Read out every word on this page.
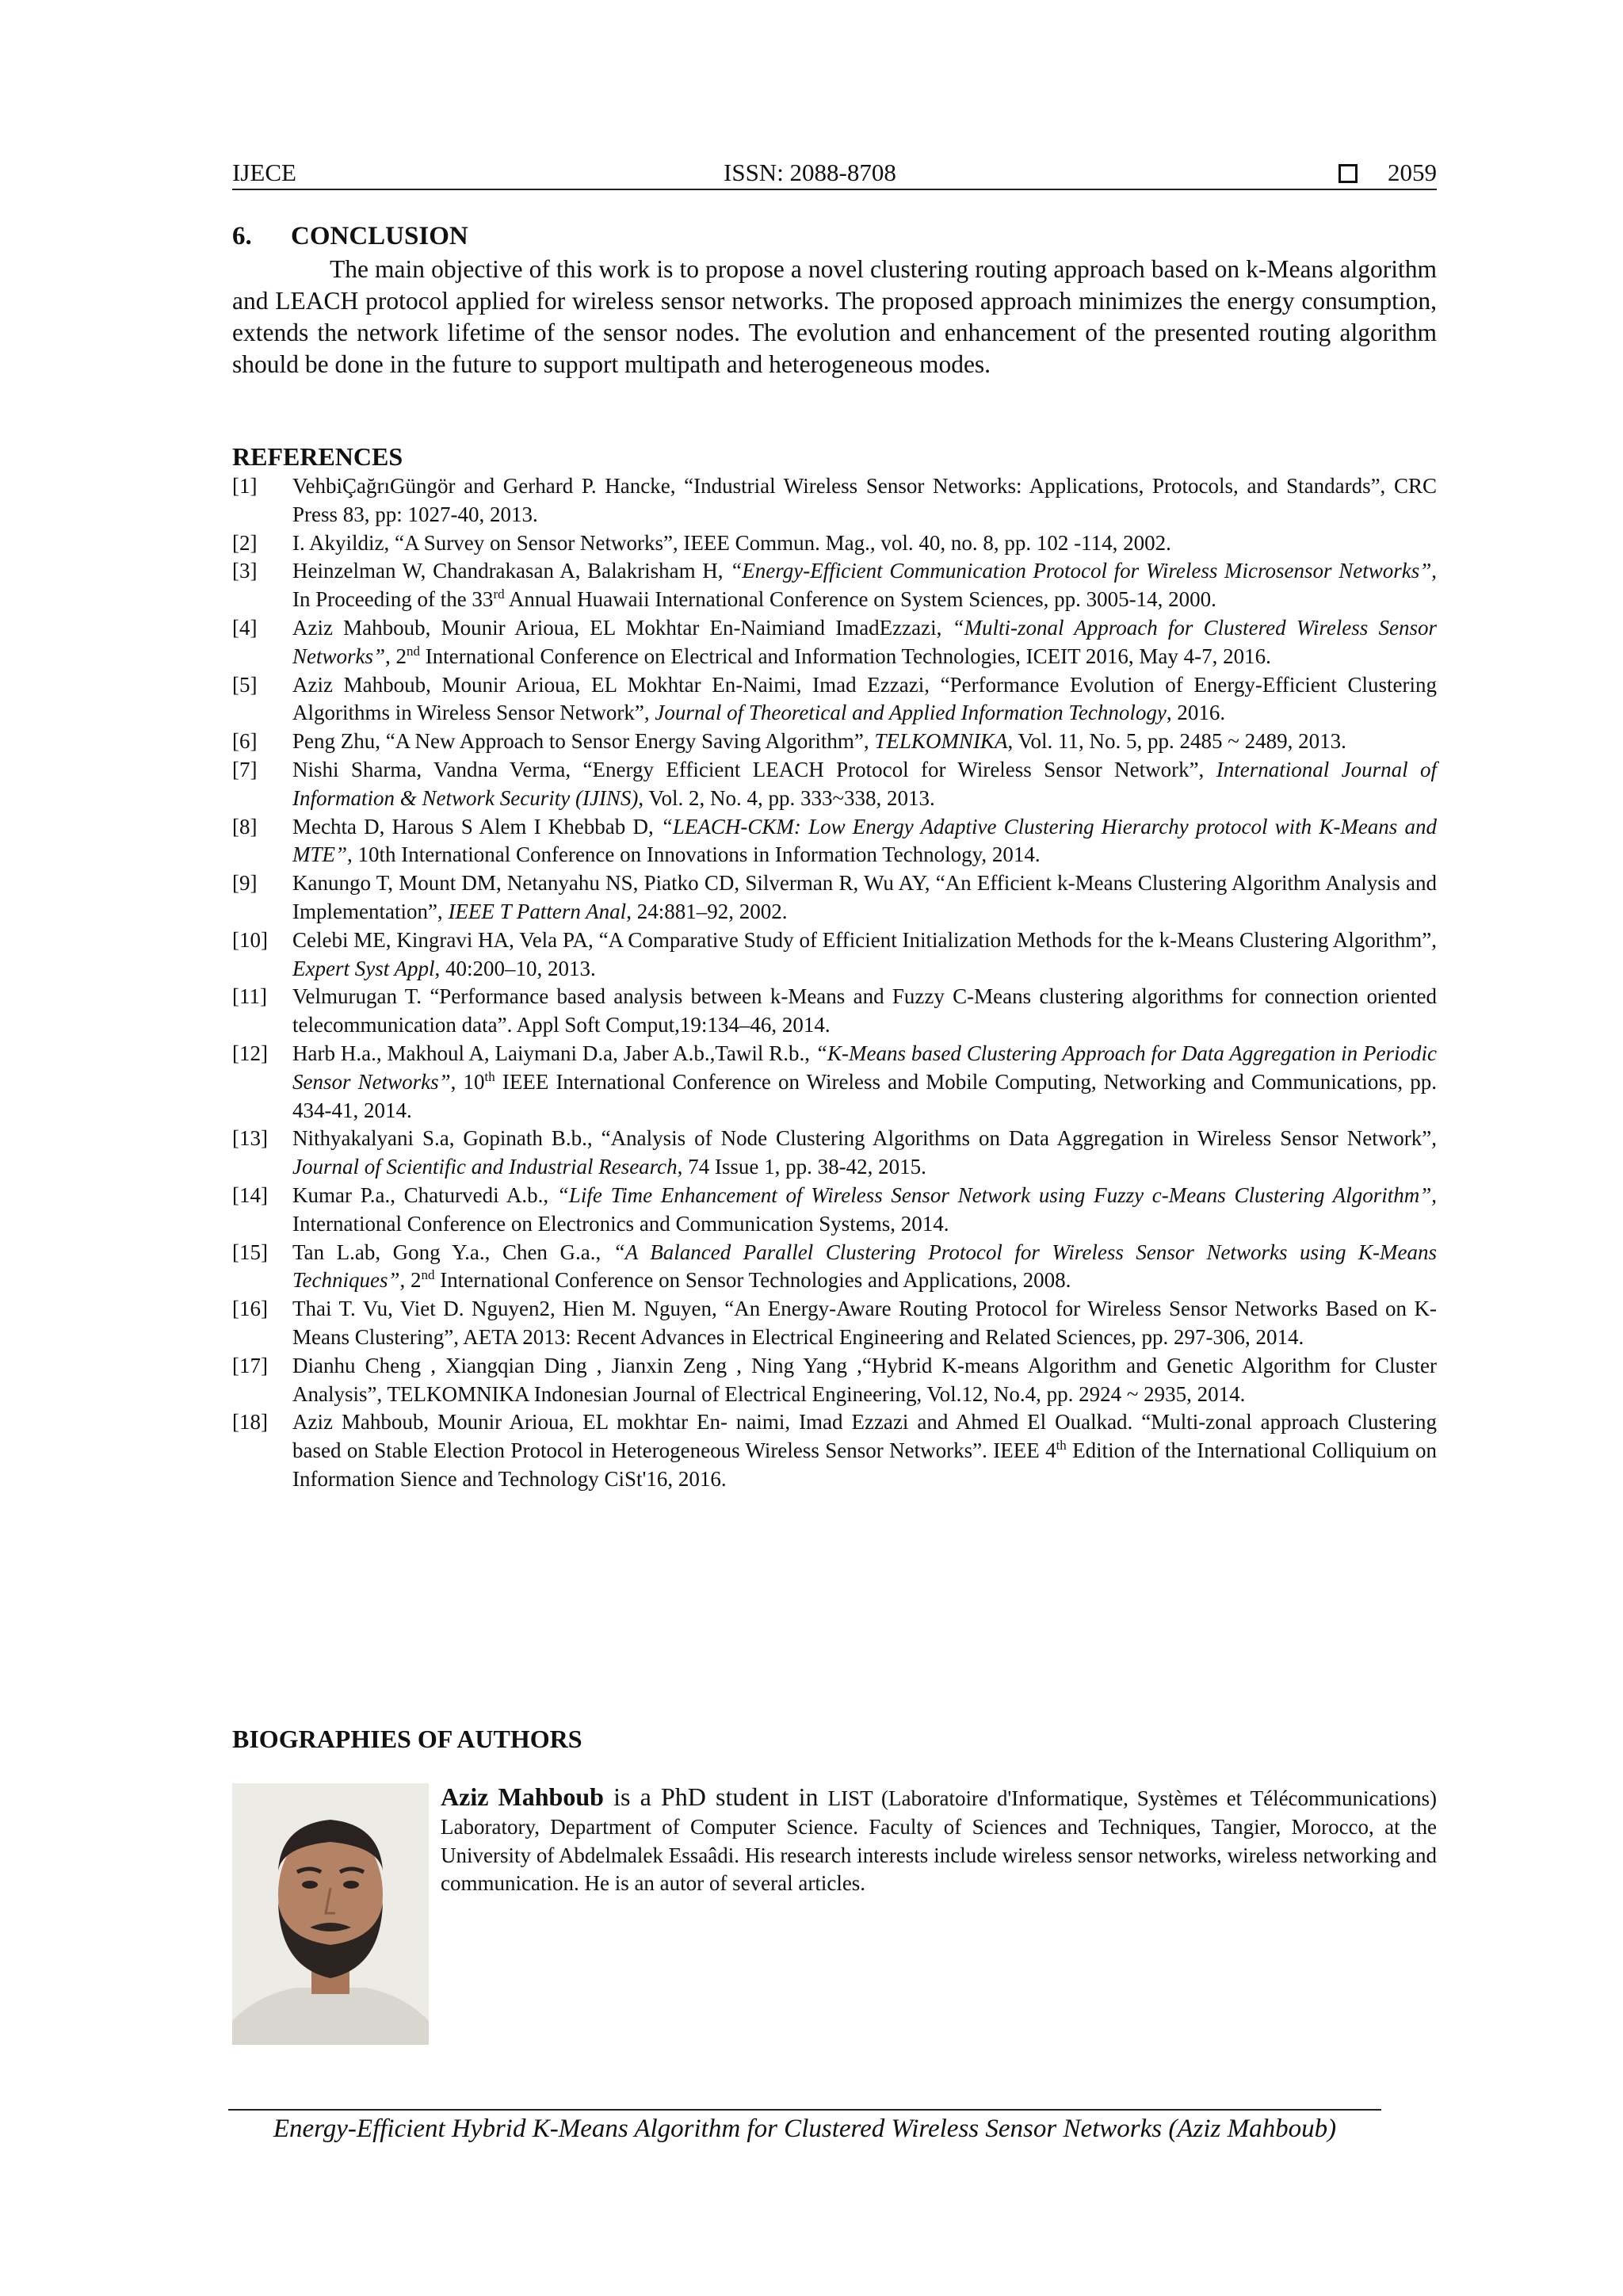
IJECE	ISSN: 2088-8708	2059
6. CONCLUSION

The main objective of this work is to propose a novel clustering routing approach based on k-Means algorithm and LEACH protocol applied for wireless sensor networks. The proposed approach minimizes the energy consumption, extends the network lifetime of the sensor nodes. The evolution and enhancement of the presented routing algorithm should be done in the future to support multipath and heterogeneous modes.

REFERENCES
[1]	VehbiÇağrıGüngör and Gerhard P. Hancke, “Industrial Wireless Sensor Networks: Applications, Protocols, and Standards”, CRC Press 83, pp: 1027-40, 2013.
[2]	I. Akyildiz, “A Survey on Sensor Networks”, IEEE Commun. Mag., vol. 40, no. 8, pp. 102 -114, 2002.
[3]	Heinzelman W, Chandrakasan A, Balakrisham H, “Energy-Efficient Communication Protocol for Wireless Microsensor Networks”, In Proceeding of the 33rd Annual Huawaii International Conference on System Sciences, pp. 3005-14, 2000.
[4]	Aziz Mahboub, Mounir Arioua, EL Mokhtar En-Naimiand ImadEzzazi, “Multi-zonal Approach for Clustered Wireless Sensor Networks”, 2nd International Conference on Electrical and Information Technologies, ICEIT 2016, May 4-7, 2016.
[5]	Aziz Mahboub, Mounir Arioua, EL Mokhtar En-Naimi, Imad Ezzazi, “Performance Evolution of Energy-Efficient Clustering Algorithms in Wireless Sensor Network”, Journal of Theoretical and Applied Information Technology, 2016.
[6]	Peng Zhu, “A New Approach to Sensor Energy Saving Algorithm”, TELKOMNIKA, Vol. 11, No. 5, pp. 2485 ~ 2489, 2013.
[7]	Nishi Sharma, Vandna Verma, “Energy Efficient LEACH Protocol for Wireless Sensor Network”, International Journal of Information & Network Security (IJINS), Vol. 2, No. 4, pp. 333~338, 2013.
[8]	Mechta D, Harous S Alem I Khebbab D, “LEACH-CKM: Low Energy Adaptive Clustering Hierarchy protocol with K-Means and MTE”, 10th International Conference on Innovations in Information Technology, 2014.
[9]	Kanungo T, Mount DM, Netanyahu NS, Piatko CD, Silverman R, Wu AY, “An Efficient k-Means Clustering Algorithm Analysis and Implementation”, IEEE T Pattern Anal, 24:881–92, 2002.
[10]	Celebi ME, Kingravi HA, Vela PA, “A Comparative Study of Efficient Initialization Methods for the k-Means Clustering Algorithm”, Expert Syst Appl, 40:200–10, 2013.
[11]	Velmurugan T. “Performance based analysis between k-Means and Fuzzy C-Means clustering algorithms for connection oriented telecommunication data”. Appl Soft Comput,19:134–46, 2014.
[12]	Harb H.a., Makhoul A, Laiymani D.a, Jaber A.b.,Tawil R.b., “K-Means based Clustering Approach for Data Aggregation in Periodic Sensor Networks”, 10th IEEE International Conference on Wireless and Mobile Computing, Networking and Communications, pp. 434-41, 2014.
[13]	Nithyakalyani S.a, Gopinath B.b., “Analysis of Node Clustering Algorithms on Data Aggregation in Wireless Sensor Network”, Journal of Scientific and Industrial Research, 74 Issue 1, pp. 38-42, 2015.
[14]	Kumar P.a., Chaturvedi A.b., “Life Time Enhancement of Wireless Sensor Network using Fuzzy c-Means Clustering Algorithm”, International Conference on Electronics and Communication Systems, 2014.
[15]	Tan L.ab, Gong Y.a., Chen G.a., “A Balanced Parallel Clustering Protocol for Wireless Sensor Networks using K-Means Techniques”, 2nd International Conference on Sensor Technologies and Applications, 2008.
[16]	Thai T. Vu, Viet D. Nguyen2, Hien M. Nguyen, “An Energy-Aware Routing Protocol for Wireless Sensor Networks Based on K-Means Clustering”, AETA 2013: Recent Advances in Electrical Engineering and Related Sciences, pp. 297-306, 2014.
[17]	Dianhu Cheng , Xiangqian Ding , Jianxin Zeng , Ning Yang ,“Hybrid K-means Algorithm and Genetic Algorithm for Cluster Analysis”, TELKOMNIKA Indonesian Journal of Electrical Engineering, Vol.12, No.4, pp. 2924 ~ 2935, 2014.
[18]	Aziz Mahboub, Mounir Arioua, EL mokhtar En- naimi, Imad Ezzazi and Ahmed El Oualkad. “Multi-zonal approach Clustering based on Stable Election Protocol in Heterogeneous Wireless Sensor Networks”. IEEE 4th Edition of the International Colliquium on Information Sience and Technology CiSt'16, 2016.
BIOGRAPHIES OF AUTHORS

Aziz Mahboub is a PhD student in LIST (Laboratoire d'Informatique, Systèmes et Télécommunications) Laboratory, Department of Computer Science. Faculty of Sciences and Techniques, Tangier, Morocco, at the University of Abdelmalek Essaâdi. His research interests include wireless sensor networks, wireless networking and communication. He is an autor of several articles.

Energy-Efficient Hybrid K-Means Algorithm for Clustered Wireless Sensor Networks (Aziz Mahboub)
